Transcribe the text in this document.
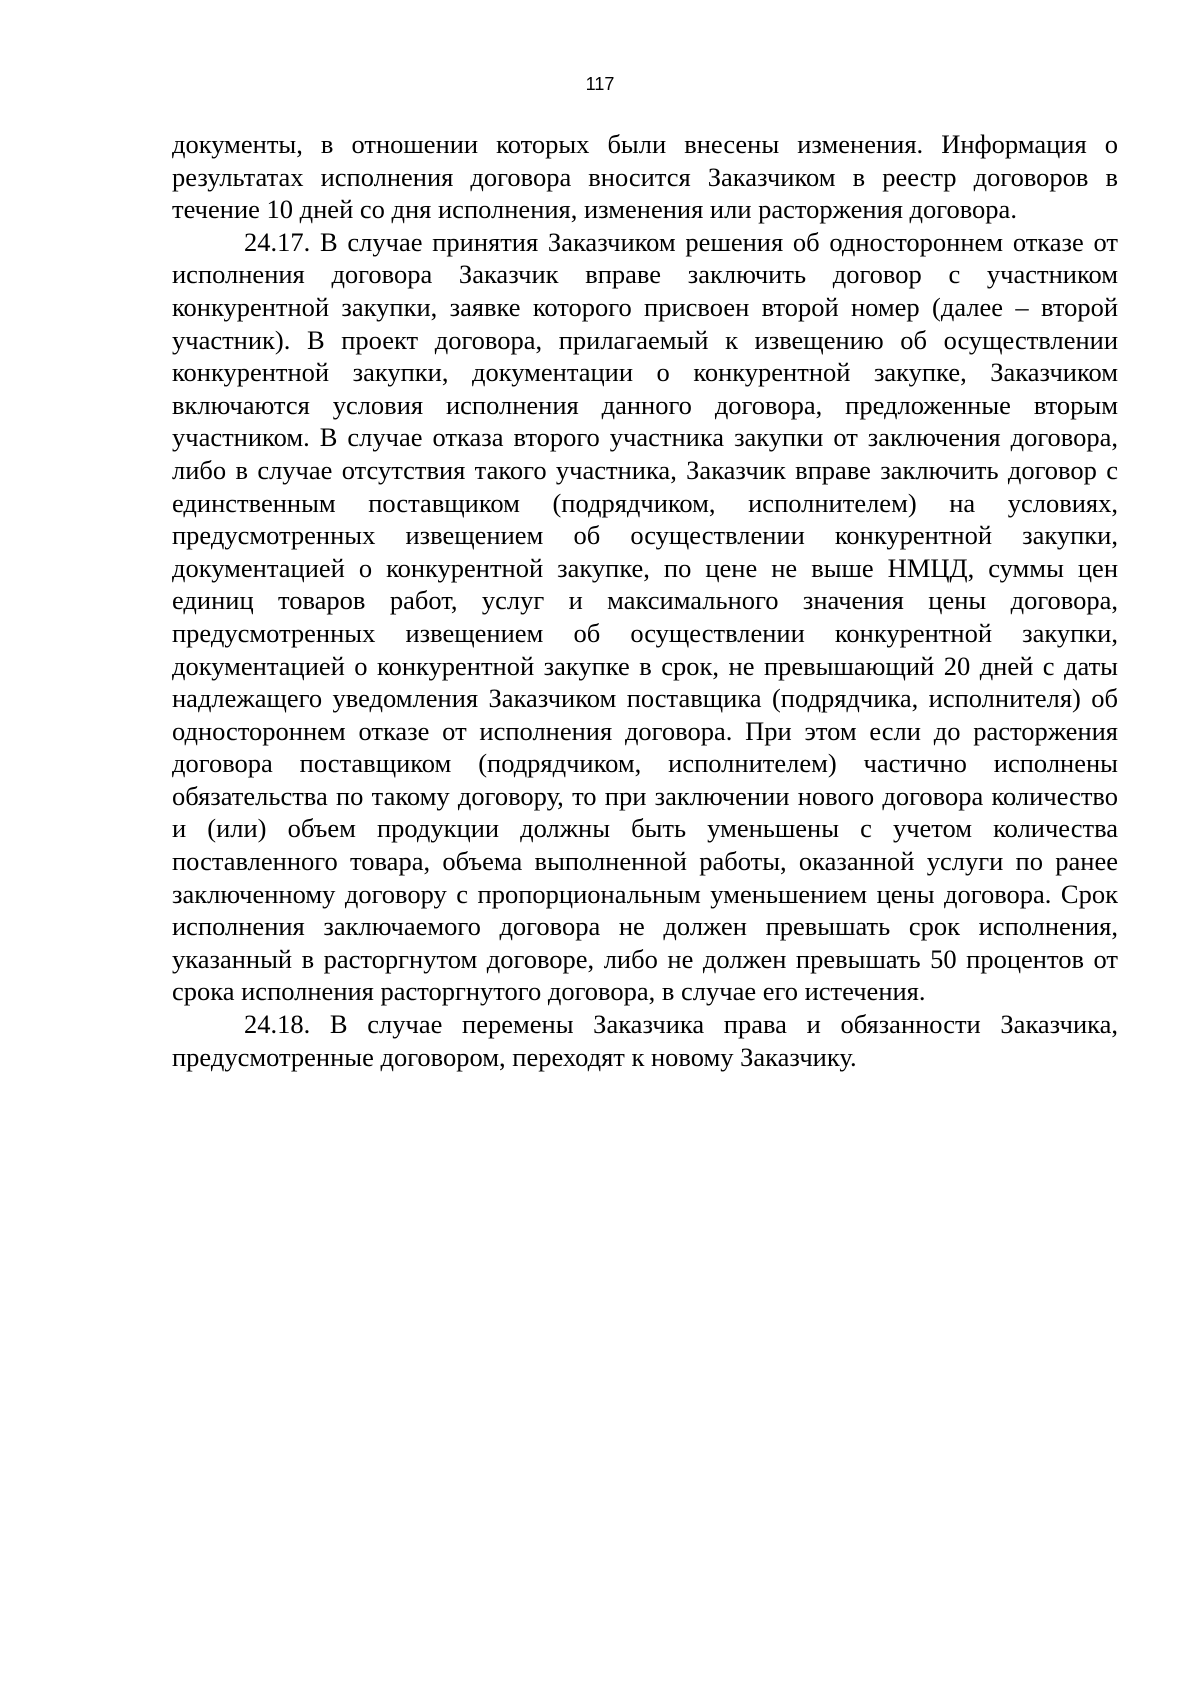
117

документы, в отношении которых были внесены изменения. Информация о результатах исполнения договора вносится Заказчиком в реестр договоров в течение 10 дней со дня исполнения, изменения или расторжения договора.

24.17. В случае принятия Заказчиком решения об одностороннем отказе от исполнения договора Заказчик вправе заключить договор с участником конкурентной закупки, заявке которого присвоен второй номер (далее – второй участник). В проект договора, прилагаемый к извещению об осуществлении конкурентной закупки, документации о конкурентной закупке, Заказчиком включаются условия исполнения данного договора, предложенные вторым участником. В случае отказа второго участника закупки от заключения договора, либо в случае отсутствия такого участника, Заказчик вправе заключить договор с единственным поставщиком (подрядчиком, исполнителем) на условиях, предусмотренных извещением об осуществлении конкурентной закупки, документацией о конкурентной закупке, по цене не выше НМЦД, суммы цен единиц товаров работ, услуг и максимального значения цены договора, предусмотренных извещением об осуществлении конкурентной закупки, документацией о конкурентной закупке в срок, не превышающий 20 дней с даты надлежащего уведомления Заказчиком поставщика (подрядчика, исполнителя) об одностороннем отказе от исполнения договора. При этом если до расторжения договора поставщиком (подрядчиком, исполнителем) частично исполнены обязательства по такому договору, то при заключении нового договора количество и (или) объем продукции должны быть уменьшены с учетом количества поставленного товара, объема выполненной работы, оказанной услуги по ранее заключенному договору с пропорциональным уменьшением цены договора. Срок исполнения заключаемого договора не должен превышать срок исполнения, указанный в расторгнутом договоре, либо не должен превышать 50 процентов от срока исполнения расторгнутого договора, в случае его истечения.

24.18. В случае перемены Заказчика права и обязанности Заказчика, предусмотренные договором, переходят к новому Заказчику.
